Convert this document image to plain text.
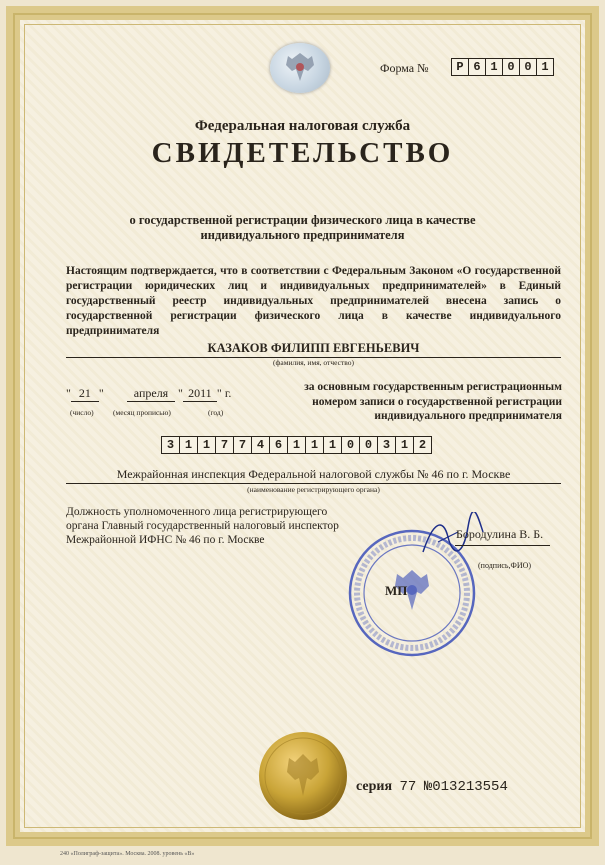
Форма №	Р 6 1 0 0 1
Федеральная налоговая служба
СВИДЕТЕЛЬСТВО
о государственной регистрации физического лица в качестве индивидуального предпринимателя
Настоящим подтверждается, что в соответствии с Федеральным Законом «О государственной регистрации юридических лиц и индивидуальных предпринимателей» в Единый государственный реестр индивидуальных предпринимателей внесена запись о государственной регистрации физического лица в качестве индивидуального предпринимателя
КАЗАКОВ ФИЛИПП ЕВГЕНЬЕВИЧ
(фамилия, имя, отчество)
" 21 "	апреля " 2011 " г.
(число)	(месяц прописью)	(год)
за основным государственным регистрационным номером записи о государственной регистрации индивидуального предпринимателя
3 1 1 7 7 4 6 1 1 1 0 0 3 1 2
Межрайонная инспекция Федеральной налоговой службы № 46 по г. Москве
(наименование регистрирующего органа)
Должность уполномоченного лица регистрирующего органа Главный государственный налоговый инспектор Межрайонной ИФНС № 46 по г. Москве
МП
Бородулина В. Б.
(подпись,ФИО)
серия 77 №013213554
240 «Полиграф-защита». Москва. 2008. уровень «В»
